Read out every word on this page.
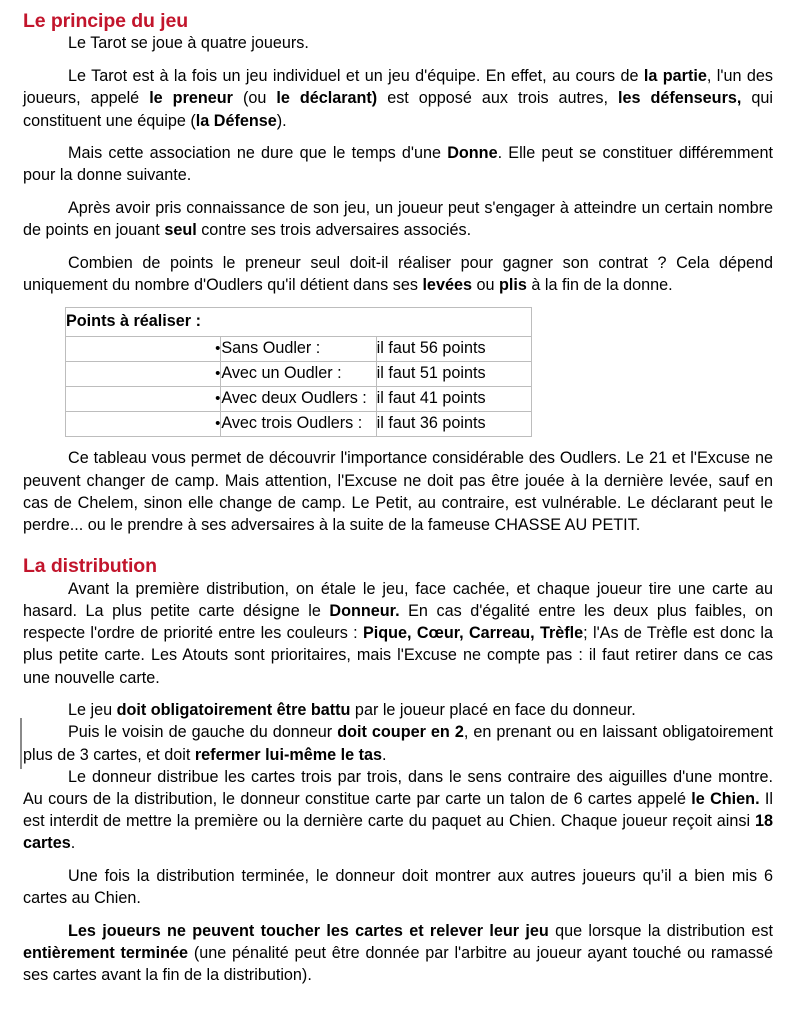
Le principe du jeu

Le Tarot se joue à quatre joueurs.

Le Tarot est à la fois un jeu individuel et un jeu d'équipe. En effet, au cours de la partie, l'un des joueurs, appelé le preneur (ou le déclarant) est opposé aux trois autres, les défenseurs, qui constituent une équipe (la Défense).

Mais cette association ne dure que le temps d'une Donne. Elle peut se constituer différemment pour la donne suivante.

Après avoir pris connaissance de son jeu, un joueur peut s'engager à atteindre un certain nombre de points en jouant seul contre ses trois adversaires associés.

Combien de points le preneur seul doit-il réaliser pour gagner son contrat ? Cela dépend uniquement du nombre d'Oudlers qu'il détient dans ses levées ou plis à la fin de la donne.

Points à réaliser :		
•	Sans Oudler :	il faut 56 points
•	Avec un Oudler :	il faut 51 points
•	Avec deux Oudlers :	il faut 41 points
•	Avec trois Oudlers :	il faut 36 points

Ce tableau vous permet de découvrir l'importance considérable des Oudlers. Le 21 et l'Excuse ne peuvent changer de camp. Mais attention, l'Excuse ne doit pas être jouée à la dernière levée, sauf en cas de Chelem, sinon elle change de camp. Le Petit, au contraire, est vulnérable. Le déclarant peut le perdre... ou le prendre à ses adversaires à la suite de la fameuse CHASSE AU PETIT.

La distribution

Avant la première distribution, on étale le jeu, face cachée, et chaque joueur tire une carte au hasard. La plus petite carte désigne le Donneur. En cas d'égalité entre les deux plus faibles, on respecte l'ordre de priorité entre les couleurs : Pique, Cœur, Carreau, Trèfle; l'As de Trèfle est donc la plus petite carte. Les Atouts sont prioritaires, mais l'Excuse ne compte pas : il faut retirer dans ce cas une nouvelle carte.

Le jeu doit obligatoirement être battu par le joueur placé en face du donneur.

Puis le voisin de gauche du donneur doit couper en 2, en prenant ou en laissant obligatoirement plus de 3 cartes, et doit refermer lui-même le tas.

Le donneur distribue les cartes trois par trois, dans le sens contraire des aiguilles d'une montre. Au cours de la distribution, le donneur constitue carte par carte un talon de 6 cartes appelé le Chien. Il est interdit de mettre la première ou la dernière carte du paquet au Chien. Chaque joueur reçoit ainsi 18 cartes.

Une fois la distribution terminée, le donneur doit montrer aux autres joueurs qu’il a bien mis 6 cartes au Chien.

Les joueurs ne peuvent toucher les cartes et relever leur jeu que lorsque la distribution est entièrement terminée (une pénalité peut être donnée par l'arbitre au joueur ayant touché ou ramassé ses cartes avant la fin de la distribution).
